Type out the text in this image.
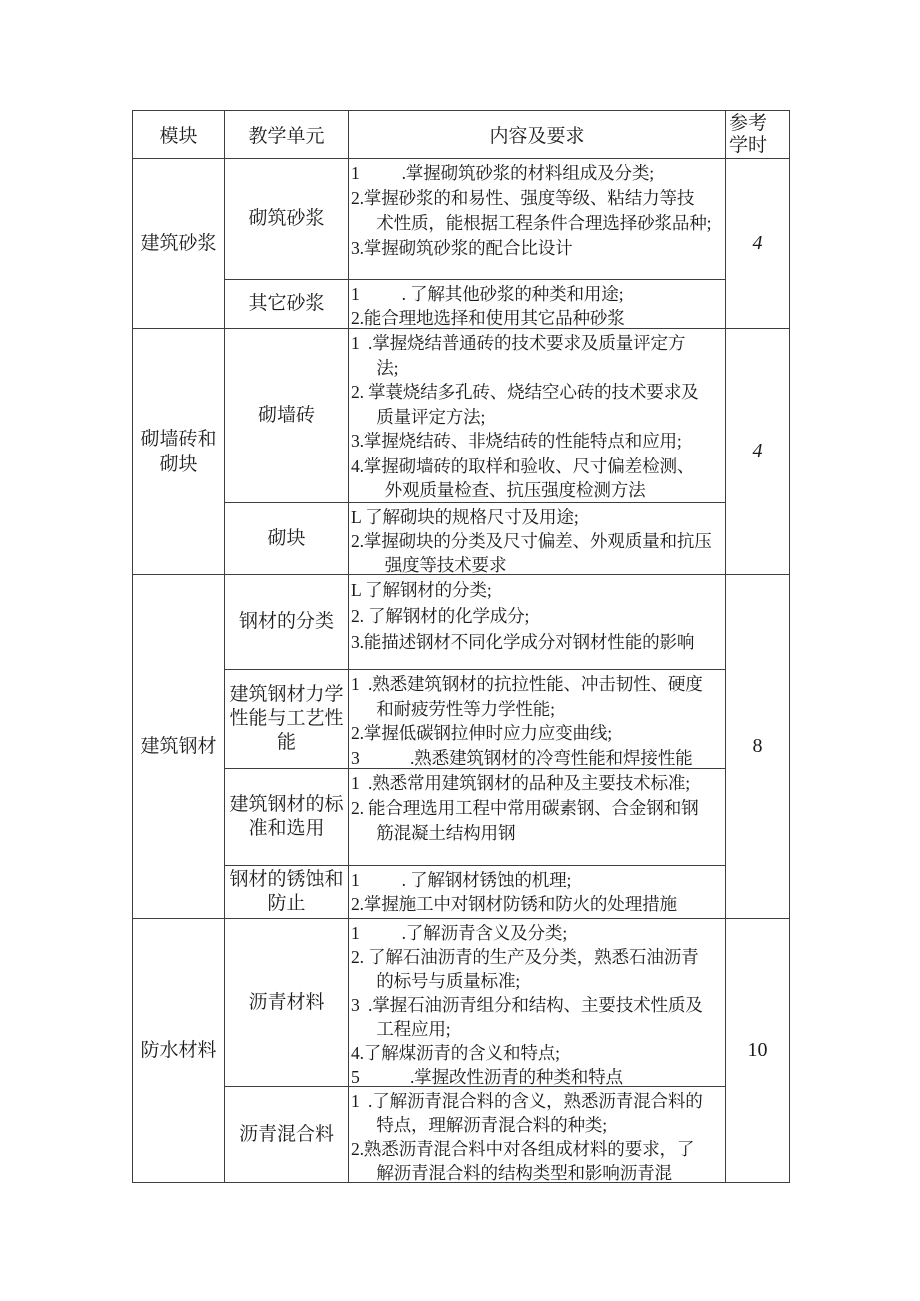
模块	教学单元	内容及要求
参考
学时
建筑砂浆
砌筑砂浆
1          .掌握砌筑砂浆的材料组成及分类;
2.掌握砂浆的和易性、强度等级、粘结力等技
术性质，能根据工程条件合理选择砂浆品种;
3.掌握砌筑砂浆的配合比设计
其它砂浆 1          . 了解其他砂浆的种类和用途;
2.能合理地选择和使用其它品种砂浆
4
砌墙砖和
砌块
砌墙砖
1  .掌握烧结普通砖的技术要求及质量评定方
法;
2. 掌蓑烧结多孔砖、烧结空心砖的技术要求及
质量评定方法;
3.掌握烧结砖、非烧结砖的性能特点和应用;
4.掌握砌墙砖的取样和验收、尺寸偏差检测、
外观质量检查、抗压强度检测方法
砌块
L 了解砌块的规格尺寸及用途;
2.掌握砌块的分类及尺寸偏差、外观质量和抗压
强度等技术要求
4
建筑钢材
钢材的分类
L 了解钢材的分类;
2. 了解钢材的化学成分;
3.能描述钢材不同化学成分对钢材性能的影响
建筑钢材力学
性能与工艺性
能
1  .熟悉建筑钢材的抗拉性能、冲击韧性、硬度
和耐疲劳性等力学性能;
2.掌握低碳钢拉伸时应力应变曲线;
3            .熟悉建筑钢材的冷弯性能和焊接性能
建筑钢材的标
准和选用
1  .熟悉常用建筑钢材的品种及主要技术标准;
2. 能合理选用工程中常用碳素钢、合金钢和钢
筋混凝土结构用钢
钢材的锈蚀和
防止
1          . 了解钢材锈蚀的机理;
2.掌握施工中对钢材防锈和防火的处理措施
8
防水材料
沥青材料
1          .了解沥青含义及分类;
2. 了解石油沥青的生产及分类，熟悉石油沥青
的标号与质量标准;
3  .掌握石油沥青组分和结构、主要技术性质及
工程应用;
4.了解煤沥青的含义和特点;
5            .掌握改性沥青的种类和特点
沥青混合料
1  .了解沥青混合料的含义，熟悉沥青混合料的
特点，理解沥青混合料的种类;
2.熟悉沥青混合料中对各组成材料的要求，了
解沥青混合料的结构类型和影响沥青混
10
